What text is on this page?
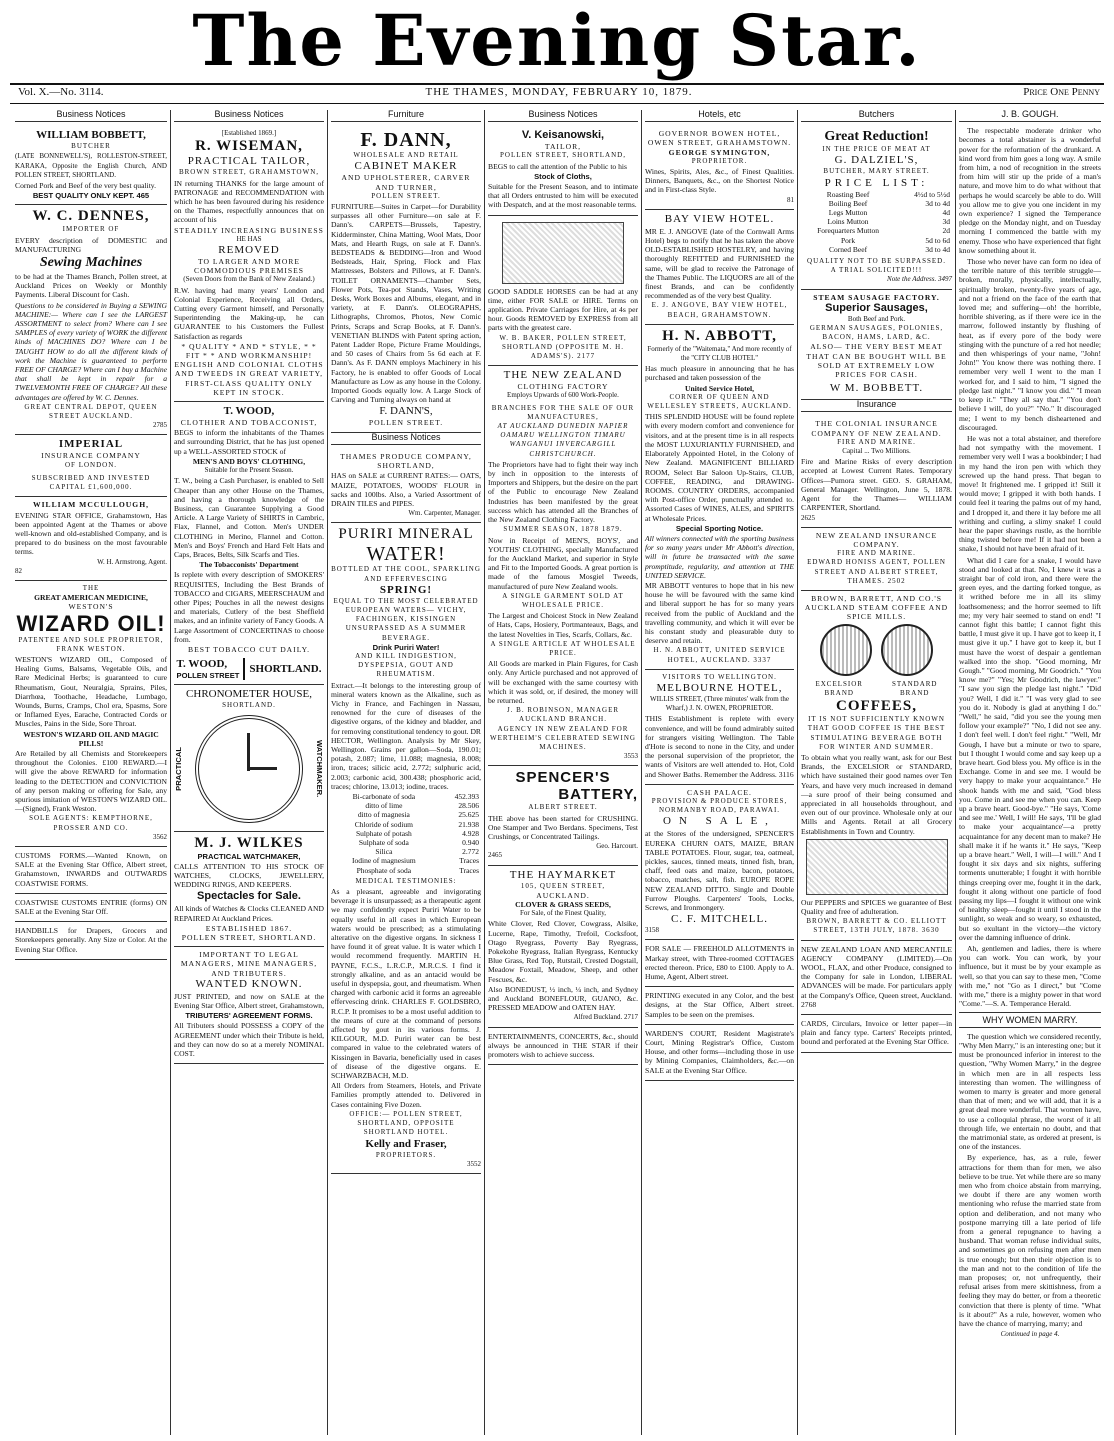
The Evening Star.
Vol. X.—No. 3114.	THE THAMES, MONDAY, FEBRUARY 10, 1879.	Price One Penny
Business Notices
WILLIAM BOBBETT,
BUTCHER

(LATE BONNEWELL'S), ROLLESTON-STREET, KARAKA, Opposite the English Church, AND POLLEN STREET, SHORTLAND.

Corned Pork and Beef of the very best quality.

BEST QUALITY ONLY KEPT. 465
W. C. DENNES,
IMPORTER OF

EVERY description of DOMESTIC and MANUFACTURING

Sewing Machines

to be had at the Thames Branch, Pollen street, at Auckland Prices on Weekly or Monthly Payments. Liberal Discount for Cash.

Questions to be considered in Buying a SEWING MACHINE:— Where can I see the LARGEST ASSORTMENT to select from? Where can I see SAMPLES of every variety of WORK the different kinds of MACHINES DO? Where can I be TAUGHT HOW to do all the different kinds of work the Machine is guaranteed to perform FREE OF CHARGE? Where can I buy a Machine that shall be kept in repair for a TWELVEMONTH FREE OF CHARGE? All these advantages are offered by W. C. Dennes.

GREAT CENTRAL DEPOT, QUEEN STREET AUCKLAND.
2785
IMPERIAL
INSURANCE COMPANY
OF LONDON.
SUBSCRIBED AND INVESTED
CAPITAL £1,600,000.
WILLIAM MCCULLOUGH,

EVENING STAR OFFICE, Grahamstown, Has been appointed Agent at the Thames or above well-known and old-established Company, and is prepared to do business on the most favourable terms.

W. H. Armstrong, Agent.
82
THE
GREAT AMERICAN MEDICINE,
WESTON'S
WIZARD OIL!
PATENTEE AND SOLE PROPRIETOR, FRANK WESTON.

WESTON'S WIZARD OIL, Composed of Healing Gums, Balsams, Vegetable Oils, and Rare Medicinal Herbs; is guaranteed to cure Rheumatism, Gout, Neuralgia, Sprains, Piles, Diarrhœa, Toothache, Headache, Lumbago, Wounds, Burns, Cramps, Chol era, Spasms, Sore or Inflamed Eyes, Earache, Contracted Cords or Muscles, Pains in the Side, Sore Throat.

WESTON'S WIZARD OIL AND MAGIC PILLS!

Are Retailed by all Chemists and Storekeepers throughout the Colonies. £100 REWARD.—I will give the above REWARD for information leading to the DETECTION and CONVICTION of any person making or offering for Sale, any spurious imitation of WESTON'S WIZARD OIL.—(Signed), Frank Weston.

SOLE AGENTS: KEMPTHORNE, PROSSER AND CO.
3562

CUSTOMS FORMS.—Wanted Known, on SALE at the Evening Star Office, Albert street, Grahamstown, INWARDS and OUTWARDS COASTWISE FORMS.

COASTWISE CUSTOMS ENTRIE (forms) ON SALE at the Evening Star Off.

HANDBILLS for Drapers, Grocers and Storekeepers generally. Any Size or Color. At the Evening Star Office.

Business Notices
[Established 1869.]
R. WISEMAN,
PRACTICAL TAILOR,
BROWN STREET, GRAHAMSTOWN,

IN returning THANKS for the large amount of PATRONAGE and RECOMMENDATION with which he has been favoured during his residence on the Thames, respectfully announces that on account of his

STEADILY INCREASING BUSINESS
HE HAS
REMOVED
TO LARGER AND MORE COMMODIOUS PREMISES
(Seven Doors from the Bank of New Zealand.)

R.W. having had many years' London and Colonial Experience, Receiving all Orders, Cutting every Garment himself, and Personally Superintending the Making-up, he can GUARANTEE to his Customers the Fullest Satisfaction as regards

* QUALITY * AND * STYLE, * * FIT * * AND WORKMANSHIP!
ENGLISH AND COLONIAL CLOTHS AND TWEEDS IN GREAT VARIETY,
FIRST-CLASS QUALITY ONLY KEPT IN STOCK.
T. WOOD,
CLOTHIER AND TOBACCONIST,

BEGS to inform the inhabitants of the Thames and surrounding District, that he has just opened up a WELL-ASSORTED STOCK of

MEN'S AND BOYS' CLOTHING,
Suitable for the Present Season.

T. W., being a Cash Purchaser, is enabled to Sell Cheaper than any other House on the Thames, and having a thorough knowledge of the Business, can Guarantee Supplying a Good Article. A Large Variety of SHIRTS in Cambric, Flax, Flannel, and Cotton. Men's UNDER CLOTHING in Merino, Flannel and Cotton. Men's and Boys' French and Hard Felt Hats and Caps, Braces, Belts, Silk Scarfs and Ties.

The Tobacconists' Department

Is replete with every description of SMOKERS' REQUISITES, Including the Best Brands of TOBACCO and CIGARS, MEERSCHAUM and other Pipes; Pouches in all the newest designs and materials, Cutlery of the best Sheffield makes, and an infinite variety of Fancy Goods. A Large Assortment of CONCERTINAS to choose from.

BEST TOBACCO CUT DAILY.
T. WOOD,
POLLEN STREET
SHORTLAND.
CHRONOMETER HOUSE,
SHORTLAND.
PRACTICAL	WATCHMAKER.
M. J. WILKES
PRACTICAL WATCHMAKER,

CALLS ATTENTION TO HIS STOCK OF WATCHES, CLOCKS, JEWELLERY, WEDDING RINGS, AND KEEPERS.

Spectacles for Sale.

All kinds of Watches & Clocks CLEANED AND REPAIRED At Auckland Prices.

ESTABLISHED 1867.
POLLEN STREET, SHORTLAND.
IMPORTANT TO LEGAL MANAGERS, MINE MANAGERS, AND TRIBUTERS.
WANTED KNOWN.

JUST PRINTED, and now on SALE at the Evening Star Office, Albert street, Grahamstown,

TRIBUTERS' AGREEMENT FORMS.

All Tributers should POSSESS a COPY of the AGREEMENT under which their Tribute is held, and they can now do so at a merely NOMINAL COST.

Furniture
F. DANN,
WHOLESALE AND RETAIL
CABINET MAKER
AND UPHOLSTERER, CARVER AND TURNER,
POLLEN STREET.

FURNITURE—Suites in Carpet—for Durability surpasses all other Furniture—on sale at F. Dann's. CARPETS—Brussels, Tapestry, Kidderminster, China Matting, Wool Mats, Door Mats, and Hearth Rugs, on sale at F. Dann's. BEDSTEADS & BEDDING—Iron and Wood Bedsteads, Hair, Spring, Flock and Flax Mattresses, Bolsters and Pillows, at F. Dann's. TOILET ORNAMENTS—Chamber Sets, Flower Pots, Tea-pot Stands, Vases, Writing Desks, Work Boxes and Albums, elegant, and in variety, at F. Dann's. OLEOGRAPHS, Lithographs, Chromos, Photos, New Comic Prints, Scraps and Scrap Books, at F. Dann's. VENETIAN BLINDS with Patent spring action, Patent Ladder Rope, Picture Frame Mouldings, and 50 cases of Chairs from 5s 6d each at F. Dann's. As F. DANN employs Machinery in his Factory, he is enabled to offer Goods of Local Manufacture as Low as any house in the Colony. Imported Goods equally low. A Large Stock of Carving and Turning always on hand at

F. DANN'S,
POLLEN STREET.
Business Notices
THAMES PRODUCE COMPANY, SHORTLAND,

HAS on SALE at CURRENT RATES:— OATS, MAIZE, POTATOES, WOODS' FLOUR in sacks and 100lbs. Also, a Varied Assortment of DRAIN TILES and PIPES.

Wm. Carpenter, Manager.
PURIRI MINERAL
WATER!
BOTTLED AT THE COOL, SPARKLING AND EFFERVESCING
SPRING!
EQUAL TO THE MOST CELEBRATED EUROPEAN WATERS— VICHY, FACHINGEN, KISSINGEN
UNSURPASSED AS A SUMMER BEVERAGE.
Drink Puriri Water!
AND KILL INDIGESTION, DYSPEPSIA, GOUT AND RHEUMATISM.

Extract.—It belongs to the interesting group of mineral waters known as the Alkaline, such as Vichy in France, and Fachingen in Nassau, renowned for the cure of diseases of the digestive organs, of the kidney and bladder, and for removing constitutional tendency to gout. DR HECTOR, Wellington. Analysis by Mr Skey, Wellington. Grains per gallon—Soda, 190.01; potash, 2.087; lime, 11.088; magnesia, 8.008; iron, traces; silicic acid, 2.772; sulphuric acid, 2.003; carbonic acid, 300.438; phosphoric acid, traces; chlorine, 13.013; iodine, traces.

Bi-carbonate of soda	452.393
ditto of lime	28.506
ditto of magnesia	25.625
Chloride of sodium	21.938
Sulphate of potash	4.928
Sulphate of soda	0.940
Silica	2.772
Iodine of magnesium	Traces
Phosphate of soda	Traces
MEDICAL TESTIMONIES:

As a pleasant, agreeable and invigorating beverage it is unsurpassed; as a therapeutic agent we may confidently expect Puriri Water to be equally useful in all cases in which European waters would be prescribed; as a stimulating alterative on the digestive organs. In sickness I have found it of great value. It is water which I would recommend frequently. MARTIN H. PAYNE, F.C.S., L.R.C.P., M.R.C.S. I find it strongly alkaline, and as an antacid would be useful in dyspepsia, gout, and rheumatism. When charged with carbonic acid it forms an agreeable effervescing drink. CHARLES F. GOLDSBRO, R.C.P. It promises to be a most useful addition to the means of cure at the command of persons affected by gout in its various forms. J. KILGOUR, M.D. Puriri water can be best compared in value to the celebrated waters of Kissingen in Bavaria, beneficially used in cases of disease of the digestive organs. E. SCHWARZBACH, M.D.

All Orders from Steamers, Hotels, and Private Families promptly attended to. Delivered in Cases containing Five Dozen.

OFFICE:— POLLEN STREET, SHORTLAND, OPPOSITE SHORTLAND HOTEL.
Kelly and Fraser,
PROPRIETORS.
3552
Business Notices
V. Keisanowski,
TAILOR,
POLLEN STREET, SHORTLAND,

BEGS to call the attention of the Public to his

Stock of Cloths,

Suitable for the Present Season, and to intimate that all Orders entrusted to him will be executed with Despatch, and at the most reasonable terms.

GOOD SADDLE HORSES can be had at any time, either FOR SALE or HIRE. Terms on application. Private Carriages for Hire, at 4s per hour. Goods REMOVED by EXPRESS from all parts with the greatest care.

W. B. BAKER, POLLEN STREET, SHORTLAND (OPPOSITE M. H. ADAMS'S). 2177
THE NEW ZEALAND
CLOTHING FACTORY
Employs Upwards of 600 Work-People.
BRANCHES FOR THE SALE OF OUR MANUFACTURES,
AT AUCKLAND DUNEDIN NAPIER OAMARU WELLINGTON TIMARU WANGANUI INVERCARGILL CHRISTCHURCH.

The Proprietors have had to fight their way inch by inch in opposition to the interests of Importers and Shippers, but the desire on the part of the Public to encourage New Zealand Industries has been manifested by the great success which has attended all the Branches of the New Zealand Clothing Factory.

SUMMER SEASON, 1878 1879.

Now in Receipt of MEN'S, BOYS', and YOUTHS' CLOTHING, specially Manufactured for the Auckland Market, and superior in Style and Fit to the Imported Goods. A great portion is made of the famous Mosgiel Tweeds, manufactured of pure New Zealand wools.

A SINGLE GARMENT SOLD AT WHOLESALE PRICE.

The Largest and Choicest Stock in New Zealand of Hats, Caps, Hosiery, Portmanteaux, Bags, and the latest Novelties in Ties, Scarfs, Collars, &c.

A SINGLE ARTICLE AT WHOLESALE PRICE.

All Goods are marked in Plain Figures, for Cash only. Any Article purchased and not approved of will be exchanged with the same courtesy with which it was sold, or, if desired, the money will be returned.

J. B. ROBINSON, MANAGER AUCKLAND BRANCH.
AGENCY IN NEW ZEALAND FOR WERTHEIM'S CELEBRATED SEWING MACHINES.
3553
SPENCER'S
BATTERY,
ALBERT STREET.

THE above has been started for CRUSHING. One Stamper and Two Berdans. Specimens, Test Crushings, or Concentrated Tailings.

Geo. Harcourt.
2465
THE HAYMARKET
105, QUEEN STREET,
AUCKLAND.
CLOVER & GRASS SEEDS,
For Sale, of the Finest Quality,

White Clover, Red Clover, Cowgrass, Alsike, Lucerne, Rape, Timothy, Trefoil, Cocksfoot, Otago Ryegrass, Poverty Bay Ryegrass, Pokekohe Ryegrass, Italian Ryegrass, Kentucky Blue Grass, Red Top, Rutstail, Crested Dogstail, Meadow Foxtail, Meadow, Sheep, and other Fescues, &c.

Also BONEDUST, ½ inch, ¼ inch, and Sydney and Auckland BONEFLOUR, GUANO, &c. PRESSED MEADOW and OATEN HAY.

Alfred Buckland. 2717

ENTERTAINMENTS, CONCERTS, &c., should always be announced in THE STAR if their promoters wish to achieve success.

Hotels, etc
GOVERNOR BOWEN HOTEL, OWEN STREET, GRAHAMSTOWN.
GEORGE SYMINGTON,
PROPRIETOR.

Wines, Spirits, Ales, &c., of Finest Qualities. Dinners, Banquets, &c., on the Shortest Notice and in First-class Style.

81
BAY VIEW HOTEL.

MR E. J. ANGOVE (late of the Cornwall Arms Hotel) begs to notify that he has taken the above OLD-ESTABLISHED HOSTELRY, and having thoroughly REFITTED and FURNISHED the same, will be glad to receive the Patronage of the Thames Public. The LIQUORS are all of the finest Brands, and can be confidently recommended as of the very best Quality.

E. J. ANGOVE, BAY VIEW HOTEL, BEACH, GRAHAMSTOWN.
H. N. ABBOTT,
Formerly of the "Waitemata," And more recently of the "CITY CLUB HOTEL"

Has much pleasure in announcing that he has purchased and taken possession of the

United Service Hotel,
CORNER OF QUEEN AND WELLESLEY STREETS, AUCKLAND.

THIS SPLENDID HOUSE will be found replete with every modern comfort and convenience for visitors, and at the present time is in all respects the MOST LUXURIANTLY FURNISHED, and Elaborately Appointed Hotel, in the Colony of New Zealand. MAGNIFICENT BILLIARD ROOM, Select Bar Saloon Up-Stairs, CLUB, COFFEE, READING, and DRAWING-ROOMS. COUNTRY ORDERS, accompanied with Post-office Order, punctually attended to. Assorted Cases of WINES, ALES, and SPIRITS at Wholesale Prices.

Special Sporting Notice.

All winners connected with the sporting business for so many years under Mr Abbott's direction, will in future be transacted with the same promptitude, regularity, and attention at THE UNITED SERVICE.

MR ABBOTT ventures to hope that in his new house he will be favoured with the same kind and liberal support he has for so many years received from the public of Auckland and the travelling community, and which it will ever be his constant study and pleasurable duty to deserve and retain.

H. N. ABBOTT, UNITED SERVICE HOTEL, AUCKLAND. 3337
VISITORS TO WELLINGTON.
MELBOURNE HOTEL,
WILLIS STREET, (Three minutes' walk from the Wharf,) J. N. OWEN, PROPRIETOR.

THIS Establishment is replete with every convenience, and will be found admirably suited for strangers visiting Wellington. The Table d'Hote is second to none in the City, and under the personal supervision of the proprietor, the wants of Visitors are well attended to. Hot, Cold and Shower Baths. Remember the Address. 3116

CASH PALACE.
PROVISION & PRODUCE STORES, NORMANBY ROAD, PARAWAI.
ON SALE,

at the Stores of the undersigned, SPENCER'S EUREKA CHURN OATS, MAIZE, BRAN TABLE POTATOES. Flour, sugar, tea, oatmeal, pickles, sauces, tinned meats, tinned fish, bran, chaff, feed oats and maize, bacon, potatoes, tobacco, matches, salt, fish. EUROPE ROPE NEW ZEALAND DITTO. Single and Double Furrow Ploughs. Carpenters' Tools, Locks, Screws, and Ironmongery.

C. F. MITCHELL.
3158

FOR SALE — FREEHOLD ALLOTMENTS in Markay street, with Three-roomed COTTAGES erected thereon. Price, £80 to £100. Apply to A. Hume, Agent, Albert street.

PRINTING executed in any Color, and the best designs, at the Star Office, Albert street. Samples to be seen on the premises.

WARDEN'S COURT, Resident Magistrate's Court, Mining Registrar's Office, Custom House, and other forms—including those in use by Mining Companies, Claimholders, &c.—on SALE at the Evening Star Office.

Butchers
Great Reduction!
IN THE PRICE OF MEAT AT
G. DALZIEL'S,
BUTCHER, MARY STREET.
PRICE LIST:
Roasting Beef	4½d to 5½d
Boiling Beef	3d to 4d
Legs Mutton	4d
Loins Mutton	3d
Forequarters Mutton	2d
Pork	5d to 6d
Corned Beef	3d to 4d
QUALITY NOT TO BE SURPASSED.
A TRIAL SOLICITED!!!
Note the Address. 3497
STEAM SAUSAGE FACTORY.
Superior Sausages,
Both Beef and Pork.
GERMAN SAUSAGES, POLONIES, BACON, HAMS, LARD, &C.
ALSO— THE VERY BEST MEAT THAT CAN BE BOUGHT WILL BE SOLD AT EXTREMELY LOW PRICES FOR CASH.
W M. BOBBETT.
Insurance
THE COLONIAL INSURANCE COMPANY OF NEW ZEALAND.
FIRE AND MARINE.
Capital ... Two Millions.

Fire and Marine Risks of every description accepted at Lowest Current Rates. Temporary Offices—Pumora street. GEO. S. GRAHAM, General Manager. Wellington, June 5, 1878. Agent for the Thames— WILLIAM CARPENTER, Shortland.

2625
NEW ZEALAND INSURANCE COMPANY.
FIRE AND MARINE.
EDWARD HONISS AGENT, POLLEN STREET AND ALBERT STREET, THAMES. 2502
BROWN, BARRETT, AND CO.'S AUCKLAND STEAM COFFEE AND SPICE MILLS.

EXCELSIOR BRAND
STANDARD BRAND
COFFEES,
IT IS NOT SUFFICIENTLY KNOWN THAT GOOD COFFEE IS THE BEST STIMULATING BEVERAGE BOTH FOR WINTER AND SUMMER.

To obtain what you really want, ask for our Best Brands, the EXCELSIOR or STANDARD, which have sustained their good names over Ten Years, and have very much increased in demand—a sure proof of their being consumed and appreciated in all households throughout, and even out of our province. Wholesale only at our Mills and Agents. Retail at all Grocery Establishments in Town and Country.

Our PEPPERS and SPICES we guarantee of Best Quality and free of adulteration.

BROWN, BARRETT & CO. ELLIOTT STREET, 13TH JULY, 1878. 3630

NEW ZEALAND LOAN AND MERCANTILE AGENCY COMPANY (LIMITED).—On WOOL, FLAX, and other Produce, consigned to the Company for sale in London, LIBERAL ADVANCES will be made. For particulars apply at the Company's Office, Queen street, Auckland. 2768

CARDS, Circulars, Invoice or letter paper—in plain and fancy type. Carters' Receipts printed, bound and perforated at the Evening Star Office.

J. B. GOUGH.

The respectable moderate drinker who becomes a total abstainer is a wonderful power for the reformation of the drunkard. A kind word from him goes a long way. A smile from him, a nod of recognition in the streets from him will stir up the pride of a man's nature, and move him to do what without that perhaps he would scarcely be able to do. Will you allow me to give you one incident in my own experience? I signed the Temperance pledge on the Monday night, and on Tuesday morning I commenced the battle with my enemy. Those who have experienced that fight know something about it.

Those who never have can form no idea of the terrible nature of this terrible struggle—broken, morally, physically, intellectually, spiritually broken, twenty-five years of age, and not a friend on the face of the earth that loved me; and suffering—oh! the horrible, horrible shivering, as if there were ice in the marrow, followed instantly by flushing of heat, as if every pore of the body were stinging with the puncture of a red hot needle; and then whisperings of your name, "John! John!" You know there was nothing there. I remember very well I went to the man I worked for, and I said to him, "I signed the pledge last night." "I know you did." "I mean to keep it." "They all say that." "You don't believe I will, do you?" "No." It discouraged me; I went to my bench disheartened and discouraged.

He was not a total abstainer, and therefore had not sympathy with the movement. I remember very well I was a bookbinder; I had in my hand the iron pen with which they screwed up the hand press. That began to move! It frightened me. I gripped it! Still it would move; I gripped it with both hands. I could feel it tearing the palms out of my hand, and I dropped it, and there it lay before me all writhing and curling, a slimy snake! I could hear the paper shavings rustle, as the horrible thing twisted before me! If it had not been a snake, I should not have been afraid of it.

What did I care for a snake, I would have stood and looked at that. No, I knew it was a straight bar of cold iron, and there were the green eyes, and the darting forked tongue, as it writhed before me in all its slimy loathsomeness; and the horror seemed to lift me; my very hair seemed to stand on end! "I cannot fight this battle; I cannot fight this battle, I must give it up. I have got to keep it, I must give it up." I have got to keep it, but I must have the worst of despair a gentleman walked into the shop. "Good morning, Mr Gough." "Good morning, Mr Goodrich." "You know me?" "Yes; Mr Goodrich, the lawyer." "I saw you sign the pledge last night." "Did you? Well, I did it." "I was very glad to see you do it. Nobody is glad at anything I do." "Well," he said, "did you see the young men follow your example?" "No, I did not see any. I don't feel well. I don't feel right." "Well, Mr Gough, I have but a minute or two to spare, but I thought I would come and say keep up a brave heart. God bless you. My office is in the Exchange. Come in and see me. I would be very happy to make your acquaintance." He shook hands with me and said, "God bless you. Come in and see me when you can. Keep up a brave heart. Good-bye." "He says, 'Come and see me.' Well, I will! He says, 'I'll be glad to make your acquaintance'—a pretty acquaintance for any decent man to make? He shall make it if he wants it." He says, "Keep up a brave heart." Well, I will—I will." And I fought it six days and six nights, suffering torments unutterable; I fought it with horrible things creeping over me, fought it in the dark, fought it along without one particle of food passing my lips—I fought it without one wink of healthy sleep—fought it until I stood in the sunlight, so weak and so weary, so exhausted, but so exultant in the victory—the victory over the damning influence of drink.

Ah, gentlemen and ladies, there is where you can work. You can work, by your influence, but it must be by your example as well, so that you can say to these men, "Come with me," not "Go as I direct," but "Come with me," there is a mighty power in that word "Come."—S. A. Temperance Herald.

WHY WOMEN MARRY.

The question which we considered recently, "Why Men Marry," is an interesting one; but it must be pronounced inferior in interest to the question, "Why Women Marry," in the degree in which men are in all respects less interesting than women. The willingness of women to marry is greater and more general than that of men; and we will add, that it is a great deal more wonderful. That women have, to use a colloquial phrase, the worst of it all through life, we entertain no doubt, and that the matrimonial state, as ordered at present, is one of the instances.

By experience, has, as a rule, fewer attractions for them than for men, we also believe to be true. Yet while there are so many men who from choice abstain from marrying, we doubt if there are any women worth mentioning who refuse the married state from option and deliberation, and not many who postpone marrying till a late period of life from a general repugnance to having a husband. That woman refuse individual suits, and sometimes go on refusing men after men is true enough; but then their objection is to the man and not to the condition of life the man proposes; or, not unfrequently, their refusal arises from mere skittishness, from a feeling they may do better, or from a theoretic conviction that there is plenty of time. "What is it about?" As a rule, however, women who have the chance of marrying, marry; and

Continued in page 4.
